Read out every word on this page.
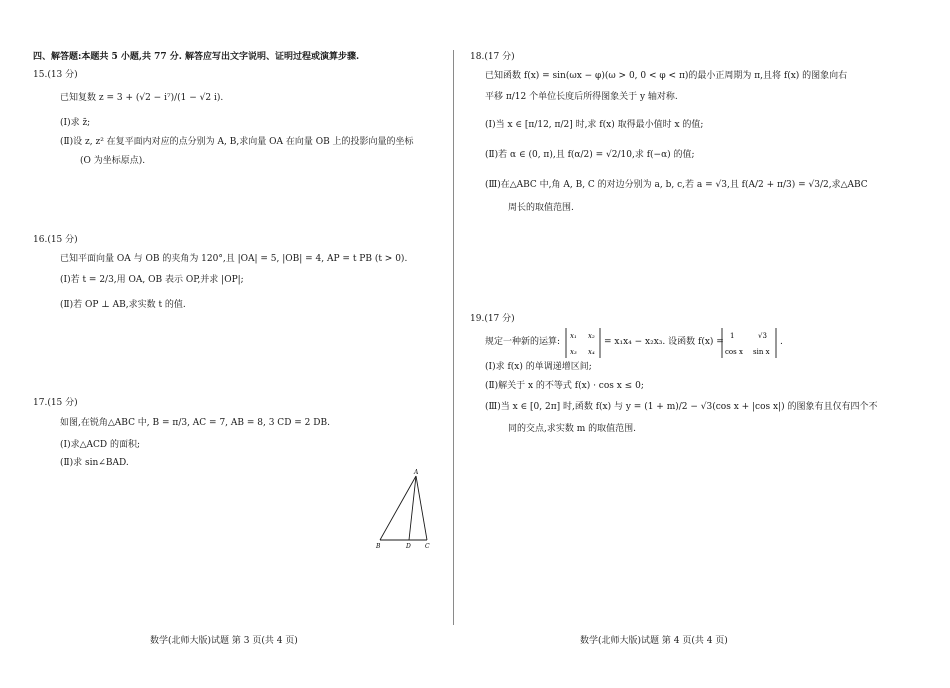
四、解答题:本题共 5 小题,共 77 分. 解答应写出文字说明、证明过程或演算步骤.
15.(13 分)
已知复数 z = 3 + (√2 − i⁷)/(1 − √2 i).
(Ⅰ)求 z̄;
(Ⅱ)设 z, z² 在复平面内对应的点分别为 A, B,求向量 OA 在向量 OB 上的投影向量的坐标
(O 为坐标原点).
16.(15 分)
已知平面向量 OA 与 OB 的夹角为 120°,且 |OA| = 5, |OB| = 4, AP = t PB (t > 0).
(Ⅰ)若 t = 2/3,用 OA, OB 表示 OP,并求 |OP|;
(Ⅱ)若 OP ⊥ AB,求实数 t 的值.
17.(15 分)
如图,在锐角△ABC 中, B = π/3, AC = 7, AB = 8, 3 CD = 2 DB.
(Ⅰ)求△ACD 的面积;
(Ⅱ)求 sin∠BAD.
A
B	D C
数学(北师大版)试题 第 3 页(共 4 页)
18.(17 分)
已知函数 f(x) = sin(ωx − φ)(ω > 0, 0 < φ < π)的最小正周期为 π,且将 f(x) 的图象向右
平移 π/12 个单位长度后所得图象关于 y 轴对称.
(Ⅰ)当 x ∈ [π/12, π/2] 时,求 f(x) 取得最小值时 x 的值;
(Ⅱ)若 α ∈ (0, π),且 f(α/2) = √2/10,求 f(−α) 的值;
(Ⅲ)在△ABC 中,角 A, B, C 的对边分别为 a, b, c,若 a = √3,且 f(A/2 + π/3) = √3/2,求△ABC
周长的取值范围.
19.(17 分)
规定一种新的运算:
x₁ x₂
x₃ x₄
= x₁x₄ − x₂x₃. 设函数 f(x) =
1	√3
cos x sin x
.
(Ⅰ)求 f(x) 的单调递增区间;
(Ⅱ)解关于 x 的不等式 f(x) · cos x ≤ 0;
(Ⅲ)当 x ∈ [0, 2π] 时,函数 f(x) 与 y = (1 + m)/2 − √3(cos x + |cos x|) 的图象有且仅有四个不
同的交点,求实数 m 的取值范围.
数学(北师大版)试题 第 4 页(共 4 页)
